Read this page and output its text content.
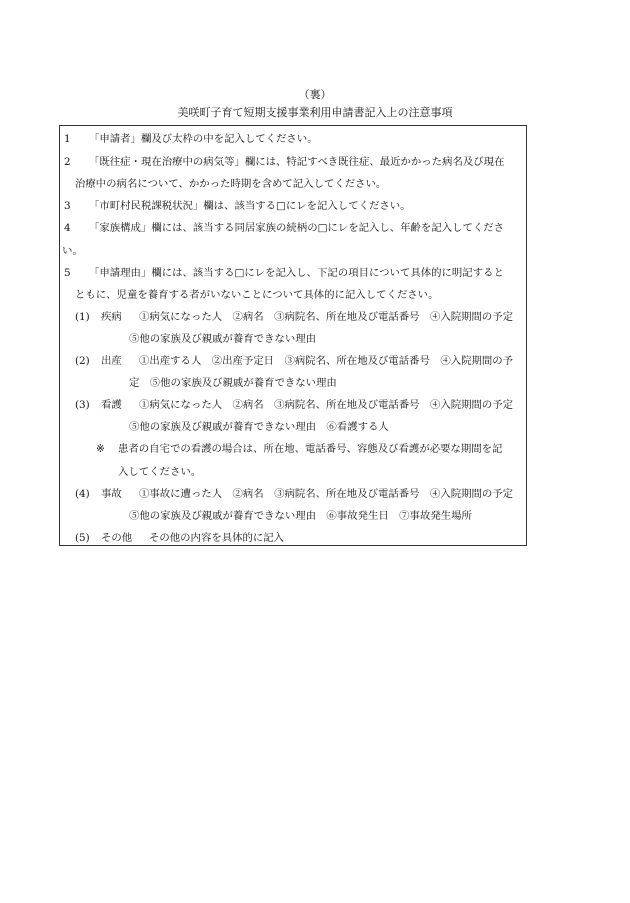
（裏）
美咲町子育て短期支援事業利用申請書記入上の注意事項
1 「申請者」欄及び太枠の中を記入してください。
2 「既往症・現在治療中の病気等」欄には、特記すべき既往症、最近かかった病名及び現在
治療中の病名について、かかった時期を含めて記入してください。
3 「市町村民税課税状況」欄は、該当する□にレを記入してください。
4 「家族構成」欄には、該当する同居家族の続柄の□にレを記入し、年齢を記入してくださ
い。
5 「申請理由」欄には、該当する□にレを記入し、下記の項目について具体的に明記すると
ともに、児童を養育する者がいないことについて具体的に記入してください。
(1) 疾病 ①病気になった人　②病名　③病院名、所在地及び電話番号　④入院期間の予定
⑤他の家族及び親戚が養育できない理由
(2) 出産 ①出産する人　②出産予定日　③病院名、所在地及び電話番号　④入院期間の予
定　⑤他の家族及び親戚が養育できない理由
(3) 看護 ①病気になった人　②病名　③病院名、所在地及び電話番号　④入院期間の予定
⑤他の家族及び親戚が養育できない理由　⑥看護する人
※ 患者の自宅での看護の場合は、所在地、電話番号、容態及び看護が必要な期間を記
入してください。
(4) 事故 ①事故に遭った人　②病名　③病院名、所在地及び電話番号　④入院期間の予定
⑤他の家族及び親戚が養育できない理由　⑥事故発生日　⑦事故発生場所
(5) その他 その他の内容を具体的に記入
